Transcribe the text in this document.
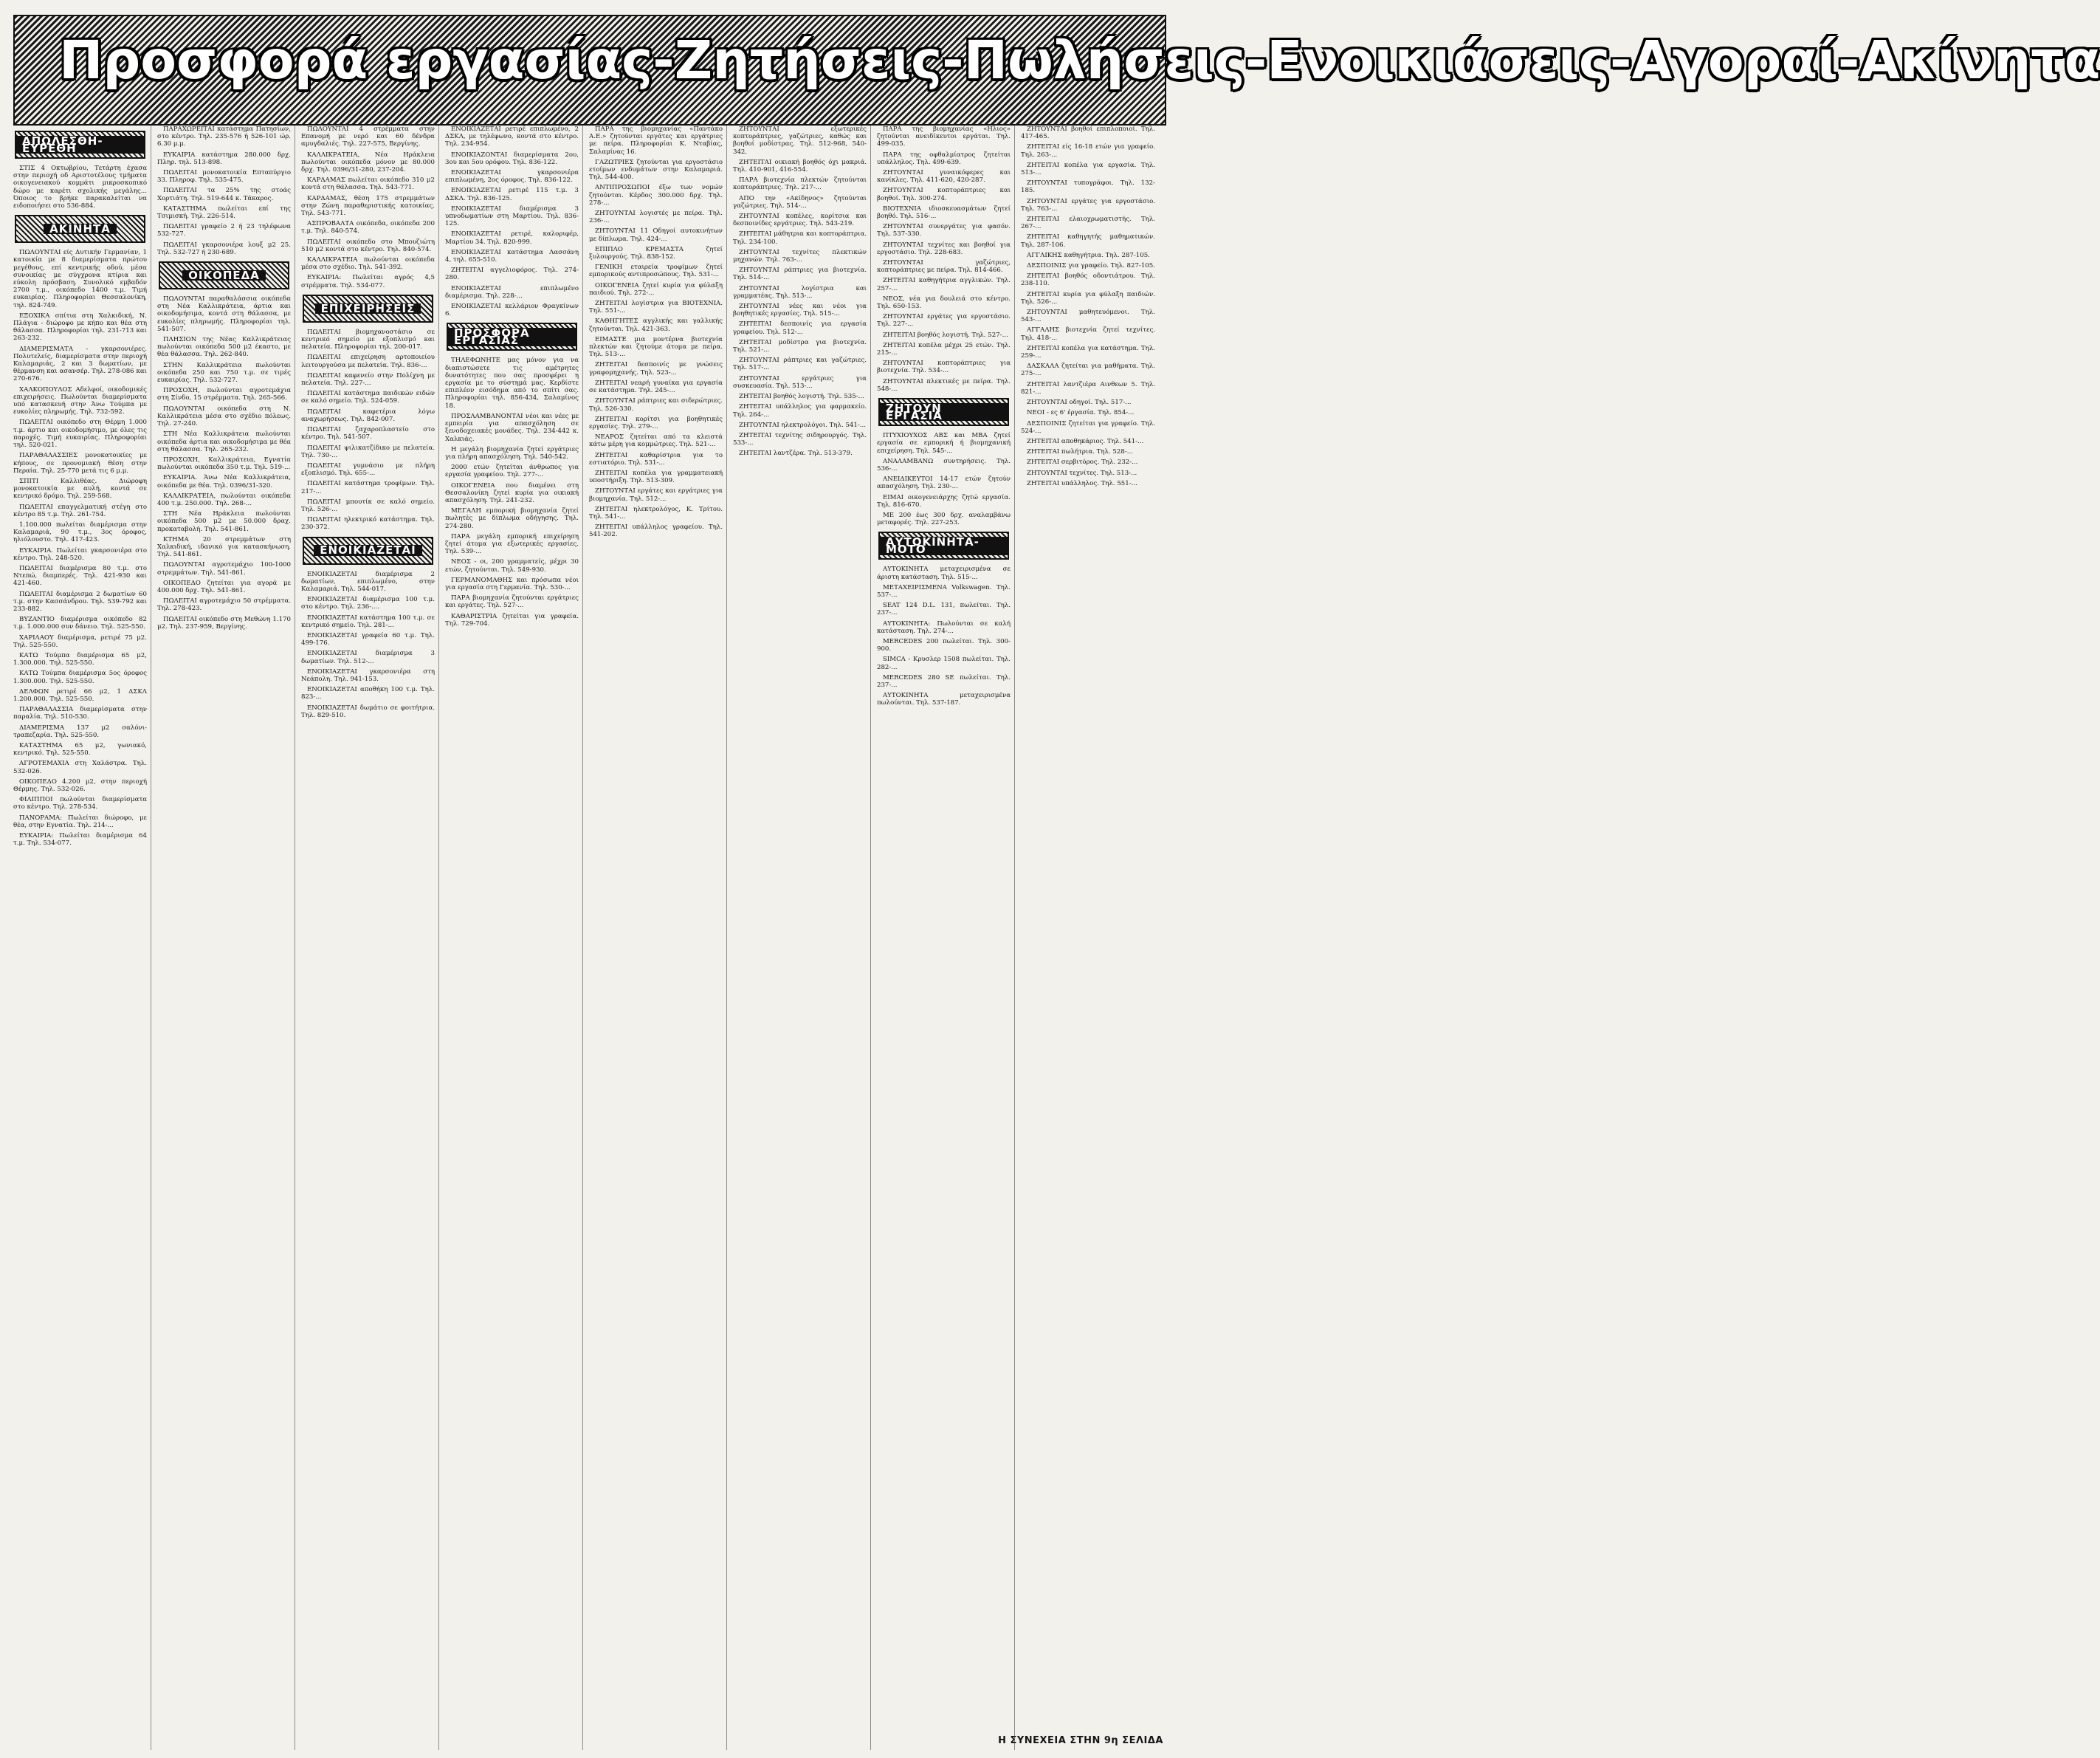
Προσφορά εργασίας-Ζητήσεις-Πωλήσεις-Ενοικιάσεις-Αγοραί-Ακίνητα
ΑΠΩΛΕΣΘΗ-ΕΥΡΕΘΗ

ΣΤΙΣ 4 Οκτωβρίου, Τετάρτη έχασα στην περιοχή οδ Αριστοτέλους τμήματα οικογενειακού κομμάτι μικροσκοπικό δώρο με καρέτι σχολικής μεγάλης... Όποιος το βρήκε παρακαλείται να ειδοποιήσει στο 536-884.

ΑΚΙΝΗΤΑ

ΠΩΛΟΥΝΤΑΙ είς Δυτικήν Γερμανίαν, 1 κατοικία με 8 διαμερίσματα πρώτου μεγέθους, επί κεντρικής οδού, μέσα συνοικίας με σύγχρονα κτίρια και εύκολη πρόσβαση. Συνολικό εμβαδόν 2700 τ.μ., οικόπεδο 1400 τ.μ. Τιμή ευκαιρίας. Πληροφορίαι Θεσσαλονίκη, τηλ. 824-749.

ΕΞΟΧΙΚΑ σπίτια στη Χαλκιδική, Ν. Πλάγια - διώροφο με κήπο και θέα στη θάλασσα. Πληροφορίαι τηλ. 231-713 και 263-232.

ΔΙΑΜΕΡΙΣΜΑΤΑ - γκαρσονιέρες. Πολυτελείς, διαμερίσματα στην περιοχή Καλαμαριάς, 2 και 3 δωματίων, με θέρμανση και ασανσέρ. Τηλ. 278-086 και 270-676.

ΧΑΛΚΟΠΟΥΛΟΣ Αδελφοί, οικοδομικές επιχειρήσεις. Πωλούνται διαμερίσματα υπό κατασκευή στην Άνω Τούμπα με ευκολίες πληρωμής. Τηλ. 732-592.

ΠΩΛΕΙΤΑΙ οικόπεδο στη Θέρμη 1.000 τ.μ. άρτιο και οικοδομήσιμο, με όλες τις παροχές. Τιμή ευκαιρίας. Πληροφορίαι τηλ. 520-021.

ΠΑΡΑΘΑΛΑΣΣΙΕΣ μονοκατοικίες με κήπους, σε προνομιακή θέση στην Περαία. Τηλ. 25-770 μετά τις 6 μ.μ.

ΣΠΙΤΙ Καλλιθέας. Διώροφη μονοκατοικία με αυλή, κοντά σε κεντρικό δρόμο. Τηλ. 259-568.

ΠΩΛΕΙΤΑΙ επαγγελματική στέγη στο κέντρο 85 τ.μ. Τηλ. 261-754.

1.100.000 πωλείται διαμέρισμα στην Καλαμαριά, 90 τ.μ., 3ος όροφος, ηλιόλουστο. Τηλ. 417-423.

ΕΥΚΑΙΡΙΑ. Πωλείται γκαρσονιέρα στο κέντρο. Τηλ. 248-520.

ΠΩΛΕΙΤΑΙ διαμέρισμα 80 τ.μ. στο Ντεπώ, διαμπερές. Τηλ. 421-930 και 421-460.

ΠΩΛΕΙΤΑΙ διαμέρισμα 2 δωματίων 60 τ.μ. στην Κασσάνδρου. Τηλ. 539-792 και 233-882.

ΒΥΖΑΝΤΙΟ διαμέρισμα οικόπεδο 82 τ.μ. 1.000.000 συν δάνειο. Τηλ. 525-550.

ΧΑΡΙΛΑΟΥ διαμέρισμα, ρετιρέ 75 μ2. Τηλ. 525-550.

ΚΑΤΩ Τούμπα διαμέρισμα 65 μ2, 1.300.000. Τηλ. 525-550.

ΚΑΤΩ Τούμπα διαμέρισμα 5ος όροφος 1.300.000. Τηλ. 525-550.

ΔΕΛΦΩΝ ρετιρέ 66 μ2, 1 ΔΣΚΛ 1.200.000. Τηλ. 525-550.

ΠΑΡΑΘΑΛΑΣΣΙΑ διαμερίσματα στην παραλία. Τηλ. 510-530.

ΔΙΑΜΕΡΙΣΜΑ 137 μ2 σαλόνι-τραπεζαρία. Τηλ. 525-550.

ΚΑΤΑΣΤΗΜΑ 65 μ2, γωνιακό, κεντρικό. Τηλ. 525-550.

ΑΓΡΟΤΕΜΑΧΙΑ στη Χαλάστρα. Τηλ. 532-026.

ΟΙΚΟΠΕΔΟ 4.200 μ2, στην περιοχή Θέρμης. Τηλ. 532-026.

ΦΙΛΙΠΠΟΙ πωλούνται διαμερίσματα στο κέντρο. Τηλ. 278-534.

ΠΑΝΟΡΑΜΑ: Πωλείται διώροφο, με θέα, στην Εγνατία. Τηλ. 214-...

ΕΥΚΑΙΡΙΑ: Πωλείται διαμέρισμα 64 τ.μ. Τηλ. 534-077.

ΠΑΡΑΧΩΡΕΙΤΑΙ κατάστημα Πατησίων, στο κέντρο. Τηλ. 235-576 ή 526-101 ώρ. 6.30 μ.μ.

ΕΥΚΑΙΡΙΑ κατάστημα 280.000 δρχ. Πληρ. τηλ. 513-898.

ΠΩΛΕΙΤΑΙ μονοκατοικία Επταπύργιο 33. Πληροφ. Τηλ. 535-475.

ΠΩΛΕΙΤΑΙ τα 25% της στοάς Χορτιάτη. Τηλ. 519-644 κ. Τάκαρος.

ΚΑΤΑΣΤΗΜΑ πωλείται επί της Τσιμισκή. Τηλ. 226-514.

ΠΩΛΕΙΤΑΙ γραφείο 2 ή 23 τηλέφωνα 532-727.

ΠΩΛΕΙΤΑΙ γκαρσονιέρα λουξ μ2 25. Τηλ. 532-727 ή 230-689.

ΟΙΚΟΠΕΔΑ

ΠΩΛΟΥΝΤΑΙ παραθαλάσσια οικόπεδα στη Νέα Καλλικράτεια, άρτια και οικοδομήσιμα, κοντά στη θάλασσα, με ευκολίες πληρωμής. Πληροφορίαι τηλ. 541-507.

ΠΛΗΣΙΟΝ της Νέας Καλλικράτειας πωλούνται οικόπεδα 500 μ2 έκαστο, με θέα θάλασσα. Τηλ. 262-840.

ΣΤΗΝ Καλλικράτεια πωλούνται οικόπεδα 250 και 750 τ.μ. σε τιμές ευκαιρίας. Τηλ. 532-727.

ΠΡΟΣΟΧΗ, πωλούνται αγροτεμάχια στη Σίνδο, 15 στρέμματα. Τηλ. 265-566.

ΠΩΛΟΥΝΤΑΙ οικόπεδα στη Ν. Καλλικράτεια μέσα στο σχέδιο πόλεως. Τηλ. 27-240.

ΣΤΗ Νέα Καλλικράτεια πωλούνται οικόπεδα άρτια και οικοδομήσιμα με θέα στη θάλασσα. Τηλ. 265-232.

ΠΡΟΣΟΧΗ, Καλλικράτεια, Εγνατία πωλούνται οικόπεδα 350 τ.μ. Τηλ. 519-...

ΕΥΚΑΙΡΙΑ. Άνω Νέα Καλλικράτεια, οικόπεδα με θέα. Τηλ. 0396/31-320.

ΚΑΛΛΙΚΡΑΤΕΙΑ, πωλούνται οικόπεδα 400 τ.μ. 250.000. Τηλ. 268-...

ΣΤΗ Νέα Ηράκλεια πωλούνται οικόπεδα 500 μ2 με 50.000 δραχ. προκαταβολή. Τηλ. 541-861.

ΚΤΗΜΑ 20 στρεμμάτων στη Χαλκιδική, ιδανικό για κατασκήνωση. Τηλ. 541-861.

ΠΩΛΟΥΝΤΑΙ αγροτεμάχιο 100-1000 στρεμμάτων. Τηλ. 541-861.

ΟΙΚΟΠΕΔΟ ζητείται για αγορά με 400.000 δρχ. Τηλ. 541-861.

ΠΩΛΕΙΤΑΙ αγροτεμάχιο 50 στρέμματα. Τηλ. 278-423.

ΠΩΛΕΙΤΑΙ οικόπεδο στη Μεθώνη 1.170 μ2. Τηλ. 237-959, Βεργίνης.

ΠΩΛΟΥΝΤΑΙ 4 στρέμματα στην Επανομή με νερό και 60 δένδρα αμυγδαλιές. Τηλ. 227-575, Βεργίνης.

ΚΑΛΛΙΚΡΑΤΕΙΑ, Νέα Ηράκλεια πωλούνται οικόπεδα μόνον με 80.000 δρχ. Τηλ. 0396/31-280, 237-204.

ΚΑΡΔΑΜΑΣ πωλείται οικόπεδο 310 μ2 κοντά στη θάλασσα. Τηλ. 543-771.

ΚΑΡΔΑΜΑΣ, θέση 175 στρεμμάτων στην Ζώνη παραθεριστικής κατοικίας. Τηλ. 543-771.

ΑΣΠΡΟΒΑΛΤΑ οικόπεδα, οικόπεδα 200 τ.μ. Τηλ. 840-574.

ΠΩΛΕΙΤΑΙ οικόπεδο στο Μπουζιώτη 510 μ2 κοντά στο κέντρο. Τηλ. 840-574.

ΚΑΛΛΙΚΡΑΤΕΙΑ πωλούνται οικόπεδα μέσα στο σχέδιο. Τηλ. 541-392.

ΕΥΚΑΙΡΙΑ: Πωλείται αγρός 4,5 στρέμματα. Τηλ. 534-077.

ΕΠΙΧΕΙΡΗΣΕΙΣ

ΠΩΛΕΙΤΑΙ βιομηχανοστάσιο σε κεντρικό σημείο με εξοπλισμό και πελατεία. Πληροφορίαι τηλ. 200-017.

ΠΩΛΕΙΤΑΙ επιχείρηση αρτοποιείου λειτουργούσα με πελατεία. Τηλ. 836-...

ΠΩΛΕΙΤΑΙ καφενείο στην Πολίχνη με πελατεία. Τηλ. 227-...

ΠΩΛΕΙΤΑΙ κατάστημα παιδικών ειδών σε καλό σημείο. Τηλ. 524-059.

ΠΩΛΕΙΤΑΙ καφετέρια λόγω αναχωρήσεως. Τηλ. 842-007.

ΠΩΛΕΙΤΑΙ ζαχαροπλαστείο στο κέντρο. Τηλ. 541-507.

ΠΩΛΕΙΤΑΙ ψιλικατζίδικο με πελατεία. Τηλ. 730-...

ΠΩΛΕΙΤΑΙ γυμνάσιο με πλήρη εξοπλισμό. Τηλ. 655-...

ΠΩΛΕΙΤΑΙ κατάστημα τροφίμων. Τηλ. 217-...

ΠΩΛΕΙΤΑΙ μπουτίκ σε καλό σημείο. Τηλ. 526-...

ΠΩΛΕΙΤΑΙ ηλεκτρικό κατάστημα. Τηλ. 230-372.

ΕΝΟΙΚΙΑΖΕΤΑΙ

ΕΝΟΙΚΙΑΖΕΤΑΙ διαμέρισμα 2 δωματίων, επιπλωμένο, στην Καλαμαριά. Τηλ. 544-017.

ΕΝΟΙΚΙΑΖΕΤΑΙ διαμέρισμα 100 τ.μ. στο κέντρο. Τηλ. 236-....

ΕΝΟΙΚΙΑΖΕΤΑΙ κατάστημα 100 τ.μ. σε κεντρικό σημείο. Τηλ. 281-...

ΕΝΟΙΚΙΑΖΕΤΑΙ γραφεία 60 τ.μ. Τηλ. 499-176.

ΕΝΟΙΚΙΑΖΕΤΑΙ διαμέρισμα 3 δωματίων. Τηλ. 512-...

ΕΝΟΙΚΙΑΖΕΤΑΙ γκαρσονιέρα στη Νεάπολη. Τηλ. 941-153.

ΕΝΟΙΚΙΑΖΕΤΑΙ αποθήκη 100 τ.μ. Τηλ. 823-...

ΕΝΟΙΚΙΑΖΕΤΑΙ δωμάτιο σε φοιτήτρια. Τηλ. 829-510.

ΕΝΟΙΚΙΑΖΕΤΑΙ ρετιρέ επιπλωμένο, 2 ΔΣΚΛ, με τηλέφωνο, κοντά στο κέντρο. Τηλ. 234-954.

ΕΝΟΙΚΙΑΖΟΝΤΑΙ διαμερίσματα 2ου, 3ου και 5ου ορόφου. Τηλ. 836-122.

ΕΝΟΙΚΙΑΖΕΤΑΙ γκαρσονιέρα επιπλωμένη, 2ος όροφος. Τηλ. 836-122.

ΕΝΟΙΚΙΑΖΕΤΑΙ ρετιρέ 115 τ.μ. 3 ΔΣΚΛ. Τηλ. 836-125.

ΕΝΟΙΚΙΑΖΕΤΑΙ διαμέρισμα 3 υπνοδωματίων στη Μαρτίου. Τηλ. 836-125.

ΕΝΟΙΚΙΑΖΕΤΑΙ ρετιρέ, καλοριφέρ, Μαρτίου 34. Τηλ. 820-999.

ΕΝΟΙΚΙΑΖΕΤΑΙ κατάστημα Λασσάνη 4, τηλ. 655-510.

ΖΗΤΕΙΤΑΙ αγγελιοφόρος. Τηλ. 274-280.

ΕΝΟΙΚΙΑΖΕΤΑΙ επιπλωμένο διαμέρισμα. Τηλ. 228-...

ΕΝΟΙΚΙΑΖΕΤΑΙ κελλάριον Φραγκίνων 6.

ΠΡΟΣΦΟΡΑ ΕΡΓΑΣΙΑΣ

ΤΗΛΕΦΩΝΗΤΕ μας μόνον για να διαπιστώσετε τις αμέτρητες δυνατότητες που σας προσφέρει η εργασία με το σύστημά μας. Κερδίστε επιπλέον εισόδημα από το σπίτι σας. Πληροφορίαι τηλ. 856-434, Σαλαμίνος 18.

ΠΡΟΣΛΑΜΒΑΝΟΝΤΑΙ νέοι και νέες με εμπειρία για απασχόληση σε ξενοδοχειακές μονάδες. Τηλ. 234-442 κ. Χαλκιάς.

Η μεγάλη βιομηχανία ζητεί εργάτριες για πλήρη απασχόληση. Τηλ. 540-542.

2000 ετών ζητείται άνθρωπος για εργασία γραφείου. Τηλ. 277-...

ΟΙΚΟΓΕΝΕΙΑ που διαμένει στη Θεσσαλονίκη ζητεί κυρία για οικιακή απασχόληση. Τηλ. 241-232.

ΜΕΓΑΛΗ εμπορική βιομηχανία ζητεί πωλητές με δίπλωμα οδήγησης. Τηλ. 274-280.

ΠΑΡΑ μεγάλη εμπορική επιχείρηση ζητεί άτομα για εξωτερικές εργασίες. Τηλ. 539-...

ΝΕΟΣ - οι, 200 γραμματείς, μέχρι 30 ετών, ζητούνται. Τηλ. 549-930.

ΓΕΡΜΑΝΟΜΑΘΗΣ και πρόσωπα νέοι για εργασία στη Γερμανία. Τηλ. 530-...

ΠΑΡΑ βιομηχανία ζητούνται εργάτριες και εργάτες. Τηλ. 527-...

ΚΑΘΑΡΙΣΤΡΙΑ ζητείται για γραφεία. Τηλ. 729-704.

ΠΑΡΑ της βιομηχανίας «Παντάκο Α.Ε.» ζητούνται εργάτες και εργάτριες με πείρα. Πληροφορίαι Κ. Νταβίας, Σαλαμίνας 16.

ΓΑΖΩΤΡΙΕΣ ζητούνται για εργοστάσιο ετοίμων ενδυμάτων στην Καλαμαριά. Τηλ. 544-400.

ΑΝΤΙΠΡΟΣΩΠΟΙ έξω των νομών ζητούνται. Κέρδος 300.000 δρχ. Τηλ. 278-...

ΖΗΤΟΥΝΤΑΙ λογιστές με πείρα. Τηλ. 236-...

ΖΗΤΟΥΝΤΑΙ 11 Οδηγοί αυτοκινήτων με δίπλωμα. Τηλ. 424-...

ΕΠΙΠΛΟ ΚΡΕΜΑΣΤΑ ζητεί ξυλουργούς. Τηλ. 838-152.

ΓΕΝΙΚΗ εταιρεία τροφίμων ζητεί εμπορικούς αντιπροσώπους. Τηλ. 531-...

ΟΙΚΟΓΕΝΕΙΑ ζητεί κυρία για φύλαξη παιδιού. Τηλ. 272-...

ΖΗΤΕΙΤΑΙ λογίστρια για ΒΙΟΤΕΧΝΙΑ. Τηλ. 551-...

ΚΑΘΗΓΗΤΕΣ αγγλικής και γαλλικής ζητούνται. Τηλ. 421-363.

ΕΙΜΑΣΤΕ μια μοντέρνα βιοτεχνία πλεκτών και ζητούμε άτομα με πείρα. Τηλ. 513-...

ΖΗΤΕΙΤΑΙ δεσποινίς με γνώσεις γραφομηχανής. Τηλ. 523-...

ΖΗΤΕΙΤΑΙ νεαρή γυναίκα για εργασία σε κατάστημα. Τηλ. 245-...

ΖΗΤΟΥΝΤΑΙ ράπτριες και σιδερώτριες. Τηλ. 526-330.

ΖΗΤΕΙΤΑΙ κορίτσι για βοηθητικές εργασίες. Τηλ. 279-...

ΝΕΑΡΟΣ ζητείται από τα κλειστά κάτω μέρη για κομμώτριες. Τηλ. 521-...

ΖΗΤΕΙΤΑΙ καθαρίστρια για το εστιατόριο. Τηλ. 531-...

ΖΗΤΕΙΤΑΙ κοπέλα για γραμματειακή υποστήριξη. Τηλ. 513-309.

ΖΗΤΟΥΝΤΑΙ εργάτες και εργάτριες για βιομηχανία. Τηλ. 512-...

ΖΗΤΕΙΤΑΙ ηλεκτρολόγος, Κ. Τρίτου. Τηλ. 541-...

ΖΗΤΕΙΤΑΙ υπάλληλος γραφείου. Τηλ. 541-202.

ΖΗΤΟΥΝΤΑΙ εξωτερικές κοπτοράπτριες, γαζώτριες, καθώς και βοηθοί μοδίστρας. Τηλ. 512-968, 540-342.

ΖΗΤΕΙΤΑΙ οικιακή βοηθός όχι μακριά. Τηλ. 410-901, 416-554.

ΠΑΡΑ βιοτεχνία πλεκτών ζητούνται κοπτοράπτριες. Τηλ. 217-...

ΑΠΟ την «Ακίδηνος» ζητούνται γαζώτριες. Τηλ. 514-...

ΖΗΤΟΥΝΤΑΙ κοπέλες, κορίτσια και δεσποινίδες εργάτριες. Τηλ. 543-219.

ΖΗΤΕΙΤΑΙ μάθητρια και κοπτοράπτρια. Τηλ. 234-100.

ΖΗΤΟΥΝΤΑΙ τεχνίτες πλεκτικών μηχανών. Τηλ. 763-...

ΖΗΤΟΥΝΤΑΙ ράπτριες για βιοτεχνία. Τηλ. 514-...

ΖΗΤΟΥΝΤΑΙ λογίστρια και γραμματέας. Τηλ. 513-...

ΖΗΤΟΥΝΤΑΙ νέες και νέοι για βοηθητικές εργασίες. Τηλ. 515-...

ΖΗΤΕΙΤΑΙ δεσποινίς για εργασία γραφείου. Τηλ. 512-...

ΖΗΤΕΙΤΑΙ μοδίστρα για βιοτεχνία. Τηλ. 521-...

ΖΗΤΟΥΝΤΑΙ ράπτριες και γαζώτριες. Τηλ. 517-...

ΖΗΤΟΥΝΤΑΙ εργάτριες για συσκευασία. Τηλ. 513-...

ΖΗΤΕΙΤΑΙ βοηθός λογιστή. Τηλ. 535-...

ΖΗΤΕΙΤΑΙ υπάλληλος για φαρμακείο. Τηλ. 264-...

ΖΗΤΟΥΝΤΑΙ ηλεκτρολόγοι. Τηλ. 541-...

ΖΗΤΕΙΤΑΙ τεχνίτης σιδηρουργός. Τηλ. 533-...

ΖΗΤΕΙΤΑΙ λαντζέρα. Τηλ. 513-379.

ΠΑΡΑ της βιομηχανίας «Ηλιος» ζητούνται ανειδίκευτοι εργάται. Τηλ. 499-035.

ΠΑΡΑ της οφθαλμίατρος ζητείται υπάλληλος. Τηλ. 499-639.

ΖΗΤΟΥΝΤΑΙ γυναικόφερες και κανίκλες. Τηλ. 411-620, 420-287.

ΖΗΤΟΥΝΤΑΙ κοπτοράπτριες και βοηθοί. Τηλ. 300-274.

ΒΙΟΤΕΧΝΙΑ ιδιοσκευασμάτων ζητεί βοηθό. Τηλ. 516-...

ΖΗΤΟΥΝΤΑΙ συνεργάτες για φασόν. Τηλ. 537-330.

ΖΗΤΟΥΝΤΑΙ τεχνίτες και βοηθοί για εργοστάσιο. Τηλ. 228-683.

ΖΗΤΟΥΝΤΑΙ γαζώτριες, κοπτοράπτριες με πείρα. Τηλ. 814-466.

ΖΗΤΕΙΤΑΙ καθηγήτρια αγγλικών. Τηλ. 257-...

ΝΕΟΣ, νέα για δουλειά στο κέντρο. Τηλ. 650-153.

ΖΗΤΟΥΝΤΑΙ εργάτες για εργοστάσιο. Τηλ. 227-...

ΖΗΤΕΙΤΑΙ βοηθός λογιστή. Τηλ. 527-...

ΖΗΤΕΙΤΑΙ κοπέλα μέχρι 25 ετών. Τηλ. 215-...

ΖΗΤΟΥΝΤΑΙ κοπτοράπτριες για βιοτεχνία. Τηλ. 534-...

ΖΗΤΟΥΝΤΑΙ πλεκτικές με πείρα. Τηλ. 548-...

ΖΗΤΟΥΝ ΕΡΓΑΣΙΑ

ΠΤΥΧΙΟΥΧΟΣ ΑΒΣ και ΜΒΑ ζητεί εργασία σε εμπορική ή βιομηχανική επιχείρηση. Τηλ. 545-...

ΑΝΑΛΑΜΒΑΝΩ συντηρήσεις. Τηλ. 536-...

ΑΝΕΙΔΙΚΕΥΤΟΙ 14-17 ετών ζητούν απασχόληση. Τηλ. 230-...

ΕΙΜΑΙ οικογενειάρχης ζητώ εργασία. Τηλ. 816-670.

ΜΕ 200 έως 300 δρχ. αναλαμβάνω μεταφορές. Τηλ. 227-253.

ΑΥΤΟΚΙΝΗΤΑ-ΜΟΤΟ

ΑΥΤΟΚΙΝΗΤΑ μεταχειρισμένα σε άριστη κατάσταση. Τηλ. 515-...

ΜΕΤΑΧΕΙΡΙΣΜΕΝΑ Volkswagen. Τηλ. 537-...

SEAT 124 D.L. 131, πωλείται. Τηλ. 237-...

ΑΥΤΟΚΙΝΗΤΑ: Πωλούνται σε καλή κατάσταση. Τηλ. 274-...

MERCEDES 200 πωλείται. Τηλ. 300-900.

SIMCA - Κρυσλερ 1508 πωλείται. Τηλ. 282-...

MERCEDES 280 SE πωλείται. Τηλ. 237-...

ΑΥΤΟΚΙΝΗΤΑ μεταχειρισμένα πωλούνται. Τηλ. 537-187.

ΖΗΤΟΥΝΤΑΙ βοηθοί επιπλοποιοί. Τηλ. 417-465.

ΖΗΤΕΙΤΑΙ είς 16-18 ετών για γραφείο. Τηλ. 263-...

ΖΗΤΕΙΤΑΙ κοπέλα για εργασία. Τηλ. 513-...

ΖΗΤΟΥΝΤΑΙ τυπογράφοι. Τηλ. 132-185.

ΖΗΤΟΥΝΤΑΙ εργάτες για εργοστάσιο. Τηλ. 763-...

ΖΗΤΕΙΤΑΙ ελαιοχρωματιστής. Τηλ. 267-...

ΖΗΤΕΙΤΑΙ καθηγητής μαθηματικών. Τηλ. 287-106.

ΑΓΓΛΙΚΗΣ καθηγήτρια. Τηλ. 287-105.

ΔΕΣΠΟΙΝΙΣ για γραφείο. Τηλ. 827-105.

ΖΗΤΕΙΤΑΙ βοηθός οδοντιάτρου. Τηλ. 238-110.

ΖΗΤΕΙΤΑΙ κυρία για φύλαξη παιδιών. Τηλ. 526-...

ΖΗΤΟΥΝΤΑΙ μαθητευόμενοι. Τηλ. 543-...

ΑΓΓΑΛΗΣ βιοτεχνία ζητεί τεχνίτες. Τηλ. 418-...

ΖΗΤΕΙΤΑΙ κοπέλα για κατάστημα. Τηλ. 259-...

ΔΑΣΚΑΛΑ ζητείται για μαθήματα. Τηλ. 275-...

ΖΗΤΕΙΤΑΙ λαντζιέρα Αινθεων 5. Τηλ. 821-...

ΖΗΤΟΥΝΤΑΙ οδηγοί. Τηλ. 517-...

ΝΕΟΙ - ες 6' έργασία. Τηλ. 854-...

ΔΕΣΠΟΙΝΙΣ ζητείται για γραφείο. Τηλ. 524-...

ΖΗΤΕΙΤΑΙ αποθηκάριος. Τηλ. 541-...

ΖΗΤΕΙΤΑΙ πωλήτρια. Τηλ. 528-...

ΖΗΤΕΙΤΑΙ σερβιτόρος. Τηλ. 232-...

ΖΗΤΟΥΝΤΑΙ τεχνίτες. Τηλ. 513-...

ΖΗΤΕΙΤΑΙ υπάλληλος. Τηλ. 551-...

Η ΣΥΝΕΧΕΙΑ ΣΤΗΝ 9η ΣΕΛΙΔΑ
